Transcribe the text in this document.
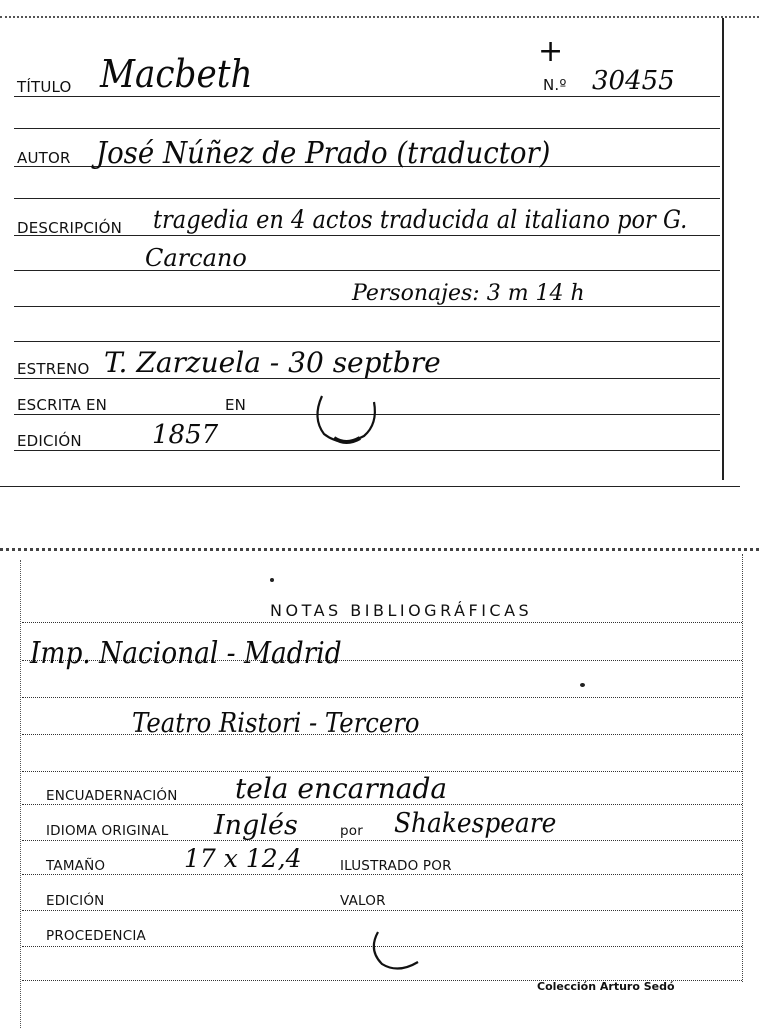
TÍTULO Macbeth
+
N.º 30455
AUTOR José Núñez de Prado (traductor)
DESCRIPCIÓN tragedia en 4 actos traducida al italiano por G.
Carcano
Personajes: 3 m 14 h
ESTRENO T. Zarzuela - 30 septbre
ESCRITA EN	EN
EDICIÓN	1857
NOTAS BIBLIOGRÁFICAS
Imp. Nacional - Madrid
Teatro Ristori - Tercero
ENCUADERNACIÓN tela encarnada
IDIOMA ORIGINAL Inglés	por Shakespeare
TAMAÑO	17 x 12,4	ILUSTRADO POR
EDICIÓN	VALOR
PROCEDENCIA
Colección Arturo Sedó
